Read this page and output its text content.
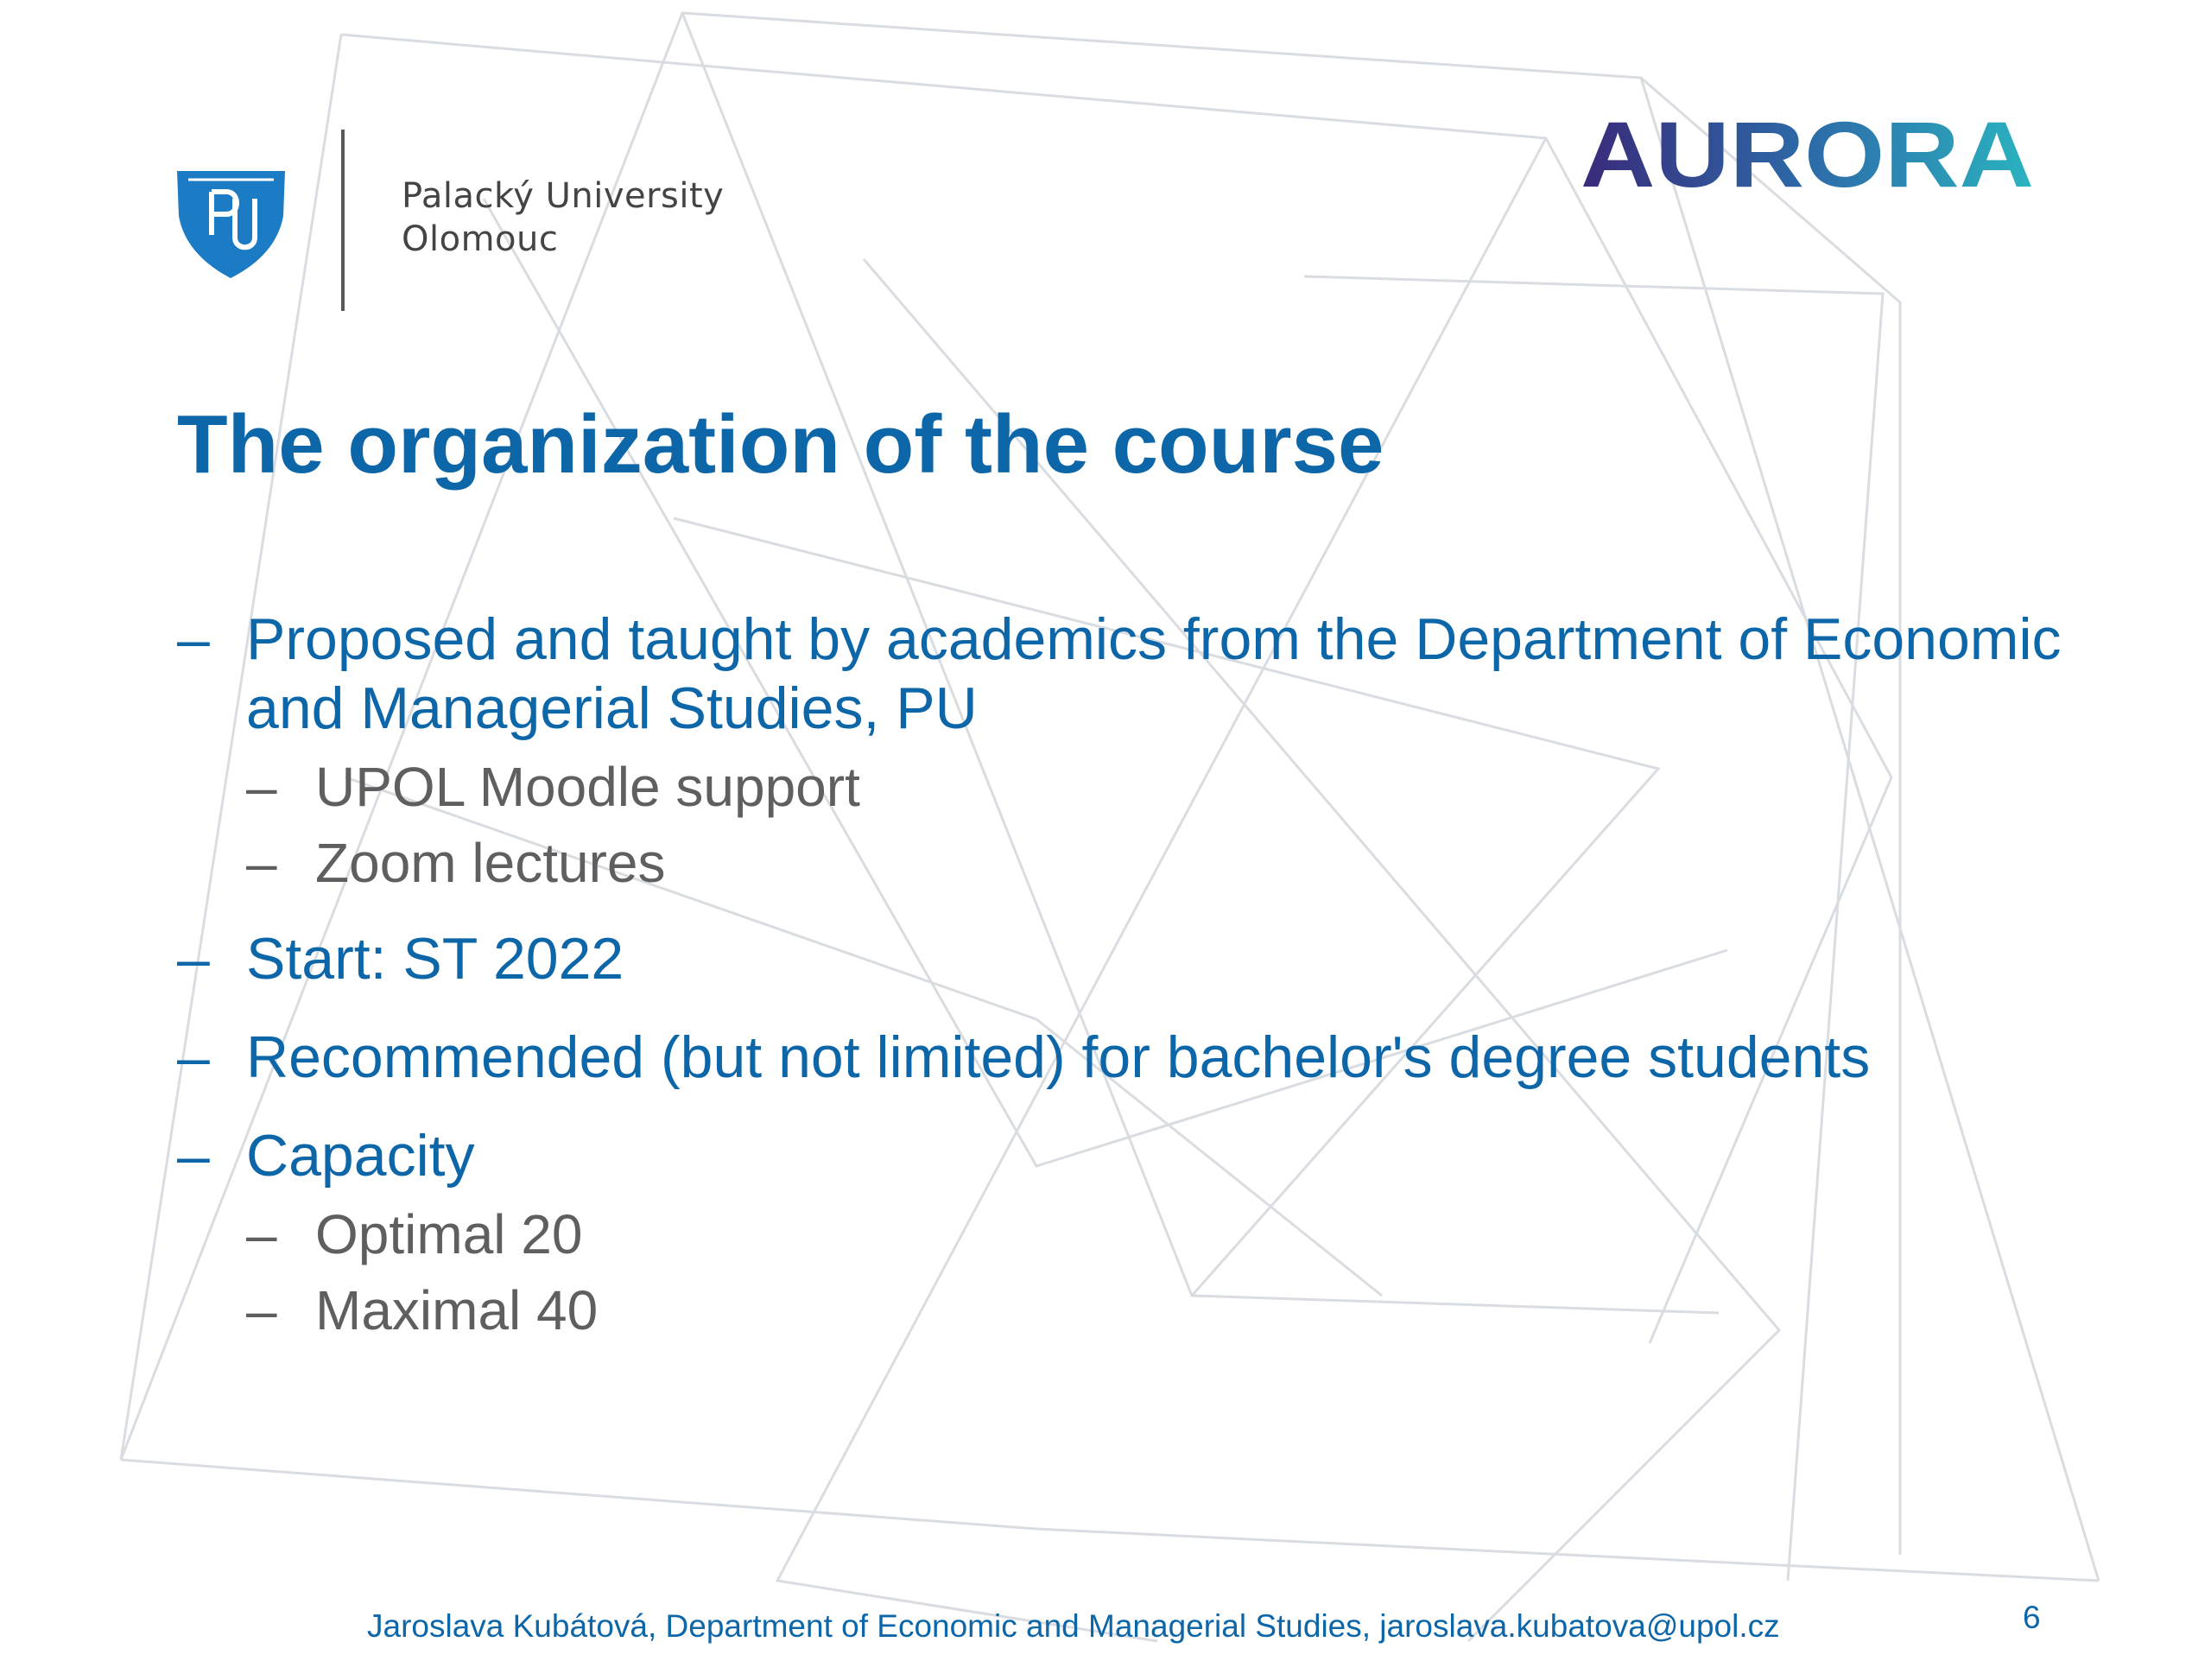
Palacký University
Olomouc
AURORA
The organization of the course
– Proposed and taught by academics from the Department of Economic and Managerial Studies, PU
– UPOL Moodle support
– Zoom lectures
– Start: ST 2022
– Recommended (but not limited) for bachelor's degree students
– Capacity
– Optimal 20
– Maximal 40
Jaroslava Kubátová, Department of Economic and Managerial Studies, jaroslava.kubatova@upol.cz	6
